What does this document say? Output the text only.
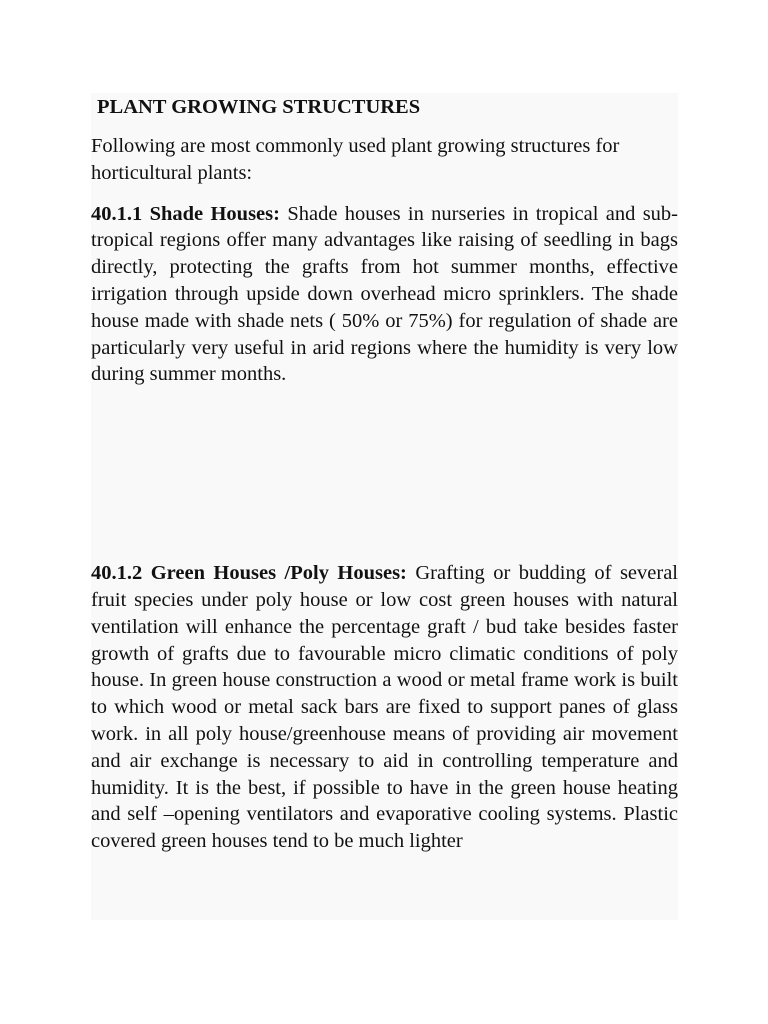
PLANT GROWING STRUCTURES

Following are most commonly used plant growing structures for horticultural plants:

40.1.1 Shade Houses: Shade houses in nurseries in tropical and sub-tropical regions offer many advantages like raising of seedling in bags directly, protecting the grafts from hot summer months, effective irrigation through upside down overhead micro sprinklers. The shade house made with shade nets ( 50% or 75%) for regulation of shade are particularly very useful in arid regions where the humidity is very low during summer months.

40.1.2 Green Houses /Poly Houses: Grafting or budding of several fruit species under poly house or low cost green houses with natural ventilation will enhance the percentage graft / bud take besides faster growth of grafts due to favourable micro climatic conditions of poly house. In green house construction a wood or metal frame work is built to which wood or metal sack bars are fixed to support panes of glass work. in all poly house/greenhouse means of providing air movement and air exchange is necessary to aid in controlling temperature and humidity. It is the best, if possible to have in the green house heating and self –opening ventilators and evaporative cooling systems. Plastic covered green houses tend to be much lighter
